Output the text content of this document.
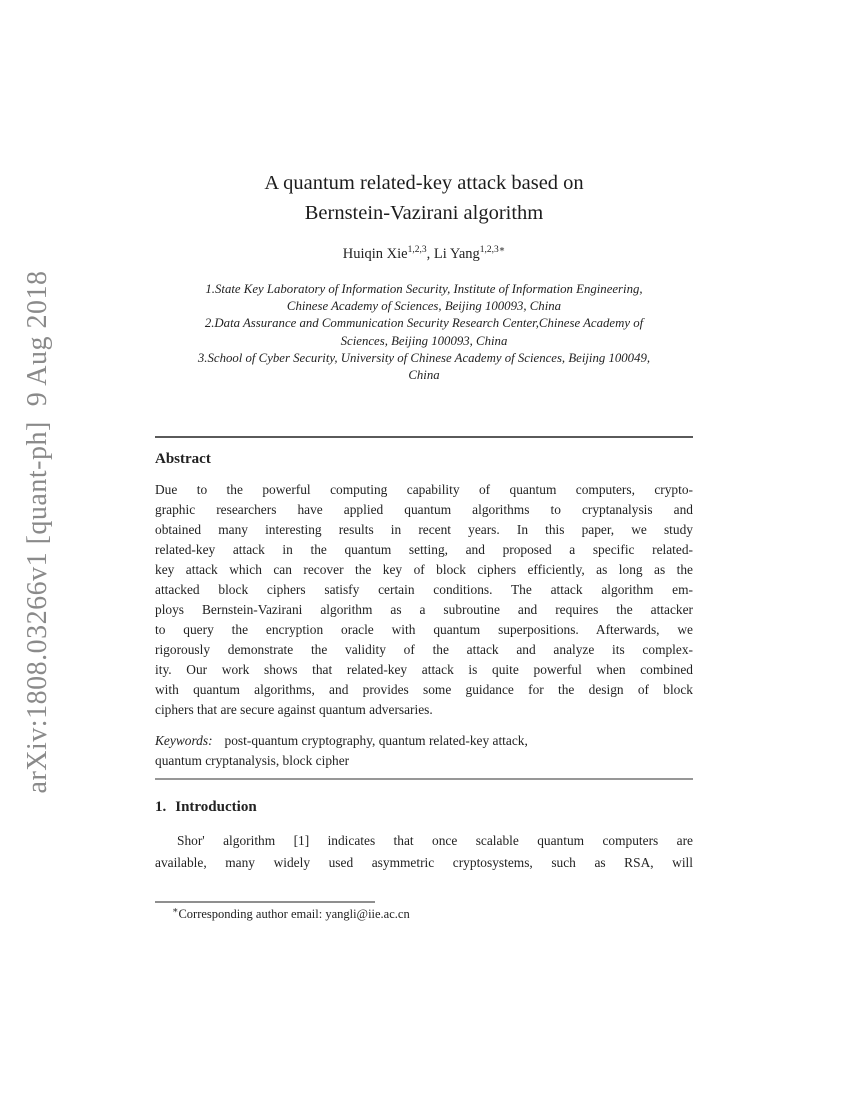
arXiv:1808.03266v1 [quant-ph]  9 Aug 2018
A quantum related-key attack based on
Bernstein-Vazirani algorithm
Huiqin Xie$^{1,2,3}$, Li Yang$^{1,2,3∗}$
1.State Key Laboratory of Information Security, Institute of Information Engineering,
Chinese Academy of Sciences, Beijing 100093, China
2.Data Assurance and Communication Security Research Center,Chinese Academy of
Sciences, Beijing 100093, China
3.School of Cyber Security, University of Chinese Academy of Sciences, Beijing 100049,
China
Abstract
Due to the powerful computing capability of quantum computers, crypto-
graphic researchers have applied quantum algorithms to cryptanalysis and
obtained many interesting results in recent years. In this paper, we study
related-key attack in the quantum setting, and proposed a specific related-
key attack which can recover the key of block ciphers efficiently, as long as the
attacked block ciphers satisfy certain conditions. The attack algorithm em-
ploys Bernstein-Vazirani algorithm as a subroutine and requires the attacker
to query the encryption oracle with quantum superpositions. Afterwards, we
rigorously demonstrate the validity of the attack and analyze its complex-
ity. Our work shows that related-key attack is quite powerful when combined
with quantum algorithms, and provides some guidance for the design of block
ciphers that are secure against quantum adversaries.
Keywords: post-quantum cryptography, quantum related-key attack,
quantum cryptanalysis, block cipher
1. Introduction
Shor' algorithm [1] indicates that once scalable quantum computers are
available, many widely used asymmetric cryptosystems, such as RSA, will
∗Corresponding author email: yangli@iie.ac.cn
